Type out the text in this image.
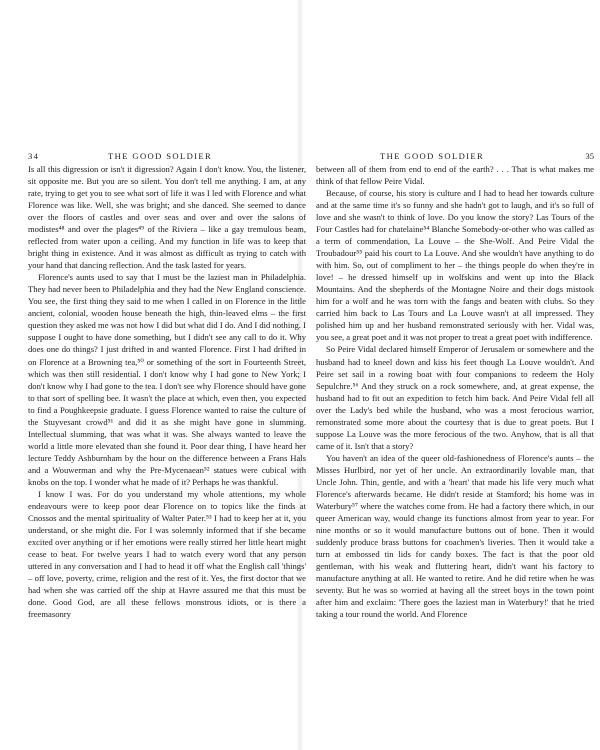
34	THE GOOD SOLDIER

Is all this digression or isn't it digression? Again I don't know. You, the listener, sit opposite me. But you are so silent. You don't tell me anything. I am, at any rate, trying to get you to see what sort of life it was I led with Florence and what Florence was like. Well, she was bright; and she danced. She seemed to dance over the floors of castles and over seas and over and over the salons of modistes⁴⁸ and over the plages⁴⁹ of the Riviera – like a gay tremulous beam, reflected from water upon a ceiling. And my function in life was to keep that bright thing in existence. And it was almost as difficult as trying to catch with your hand that dancing reflection. And the task lasted for years.

Florence's aunts used to say that I must be the laziest man in Philadelphia. They had never been to Philadelphia and they had the New England conscience. You see, the first thing they said to me when I called in on Florence in the little ancient, colonial, wooden house beneath the high, thin-leaved elms – the first question they asked me was not how I did but what did I do. And I did nothing. I suppose I ought to have done something, but I didn't see any call to do it. Why does one do things? I just drifted in and wanted Florence. First I had drifted in on Florence at a Browning tea,⁵⁰ or something of the sort in Fourteenth Street, which was then still residential. I don't know why I had gone to New York; I don't know why I had gone to the tea. I don't see why Florence should have gone to that sort of spelling bee. It wasn't the place at which, even then, you expected to find a Poughkeepsie graduate. I guess Florence wanted to raise the culture of the Stuyvesant crowd⁵¹ and did it as she might have gone in slumming. Intellectual slumming, that was what it was. She always wanted to leave the world a little more elevated than she found it. Poor dear thing, I have heard her lecture Teddy Ashburnham by the hour on the difference between a Frans Hals and a Wouwerman and why the Pre-Mycenaean⁵² statues were cubical with knobs on the top. I wonder what he made of it? Perhaps he was thankful.

I know I was. For do you understand my whole attentions, my whole endeavours were to keep poor dear Florence on to topics like the finds at Cnossos and the mental spirituality of Walter Pater.⁵³ I had to keep her at it, you understand, or she might die. For I was solemnly informed that if she became excited over anything or if her emotions were really stirred her little heart might cease to beat. For twelve years I had to watch every word that any person uttered in any conversation and I had to head it off what the English call 'things' – off love, poverty, crime, religion and the rest of it. Yes, the first doctor that we had when she was carried off the ship at Havre assured me that this must be done. Good God, are all these fellows monstrous idiots, or is there a freemasonry

THE GOOD SOLDIER	35

between all of them from end to end of the earth? . . . That is what makes me think of that fellow Peire Vidal.

Because, of course, his story is culture and I had to head her towards culture and at the same time it's so funny and she hadn't got to laugh, and it's so full of love and she wasn't to think of love. Do you know the story? Las Tours of the Four Castles had for chatelaine⁵⁴ Blanche Somebody-or-other who was called as a term of commendation, La Louve – the She-Wolf. And Peire Vidal the Troubadour⁵⁵ paid his court to La Louve. And she wouldn't have anything to do with him. So, out of compliment to her – the things people do when they're in love! – he dressed himself up in wolfskins and went up into the Black Mountains. And the shepherds of the Montagne Noire and their dogs mistook him for a wolf and he was torn with the fangs and beaten with clubs. So they carried him back to Las Tours and La Louve wasn't at all impressed. They polished him up and her husband remonstrated seriously with her. Vidal was, you see, a great poet and it was not proper to treat a great poet with indifference.

So Peire Vidal declared himself Emperor of Jerusalem or somewhere and the husband had to kneel down and kiss his feet though La Louve wouldn't. And Peire set sail in a rowing boat with four companions to redeem the Holy Sepulchre.⁵⁶ And they struck on a rock somewhere, and, at great expense, the husband had to fit out an expedition to fetch him back. And Peire Vidal fell all over the Lady's bed while the husband, who was a most ferocious warrior, remonstrated some more about the courtesy that is due to great poets. But I suppose La Louve was the more ferocious of the two. Anyhow, that is all that came of it. Isn't that a story?

You haven't an idea of the queer old-fashionedness of Florence's aunts – the Misses Hurlbird, nor yet of her uncle. An extraordinarily lovable man, that Uncle John. Thin, gentle, and with a 'heart' that made his life very much what Florence's afterwards became. He didn't reside at Stamford; his home was in Waterbury⁵⁷ where the watches come from. He had a factory there which, in our queer American way, would change its functions almost from year to year. For nine months or so it would manufacture buttons out of bone. Then it would suddenly produce brass buttons for coachmen's liveries. Then it would take a turn at embossed tin lids for candy boxes. The fact is that the poor old gentleman, with his weak and fluttering heart, didn't want his factory to manufacture anything at all. He wanted to retire. And he did retire when he was seventy. But he was so worried at having all the street boys in the town point after him and exclaim: 'There goes the laziest man in Waterbury!' that he tried taking a tour round the world. And Florence
